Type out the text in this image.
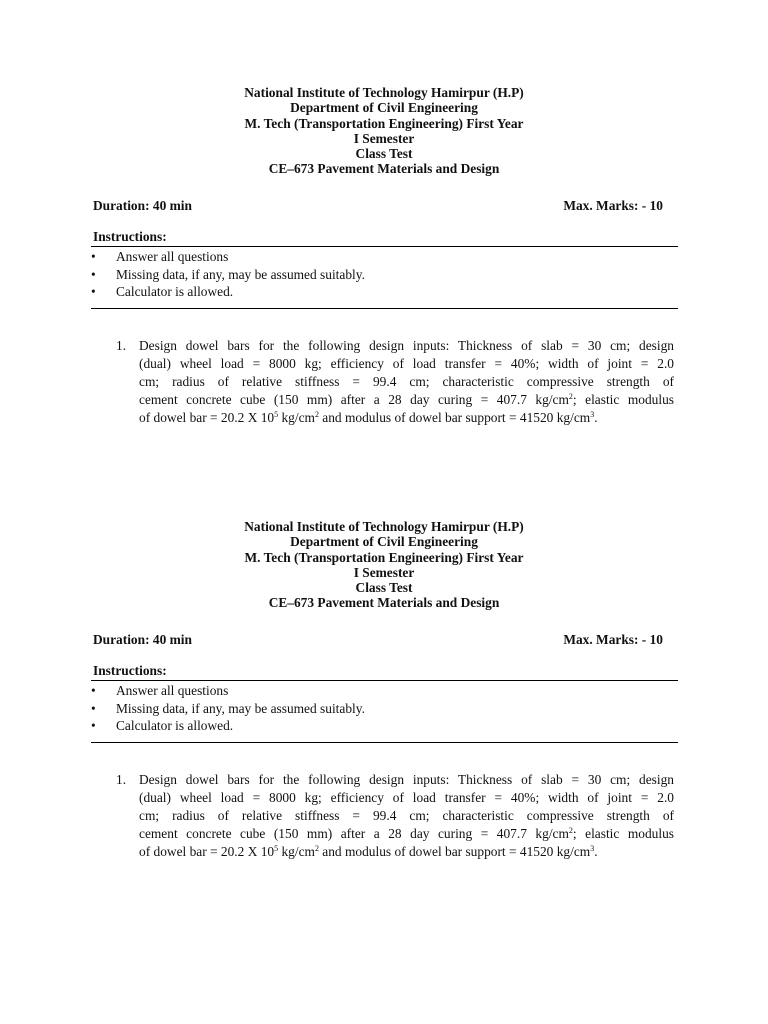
National Institute of Technology Hamirpur (H.P)
Department of Civil Engineering
M. Tech (Transportation Engineering) First Year
I Semester
Class Test
CE–673 Pavement Materials and Design
Duration: 40 min	Max. Marks: - 10
Instructions:
• Answer all questions
• Missing data, if any, may be assumed suitably.
• Calculator is allowed.
1. Design dowel bars for the following design inputs: Thickness of slab = 30 cm; design
(dual) wheel load = 8000 kg; efficiency of load transfer = 40%; width of joint = 2.0
cm; radius of relative stiffness = 99.4 cm; characteristic compressive strength of
cement concrete cube (150 mm) after a 28 day curing = 407.7 $kg/cm^2$; elastic modulus
of dowel bar = 20.2 X $10^5$ $kg/cm^2$ and modulus of dowel bar support = 41520 $kg/cm^3$.
National Institute of Technology Hamirpur (H.P)
Department of Civil Engineering
M. Tech (Transportation Engineering) First Year
I Semester
Class Test
CE–673 Pavement Materials and Design
Duration: 40 min	Max. Marks: - 10
Instructions:
• Answer all questions
• Missing data, if any, may be assumed suitably.
• Calculator is allowed.
1. Design dowel bars for the following design inputs: Thickness of slab = 30 cm; design
(dual) wheel load = 8000 kg; efficiency of load transfer = 40%; width of joint = 2.0
cm; radius of relative stiffness = 99.4 cm; characteristic compressive strength of
cement concrete cube (150 mm) after a 28 day curing = 407.7 $kg/cm^2$; elastic modulus
of dowel bar = 20.2 X $10^5$ $kg/cm^2$ and modulus of dowel bar support = 41520 $kg/cm^3$.
